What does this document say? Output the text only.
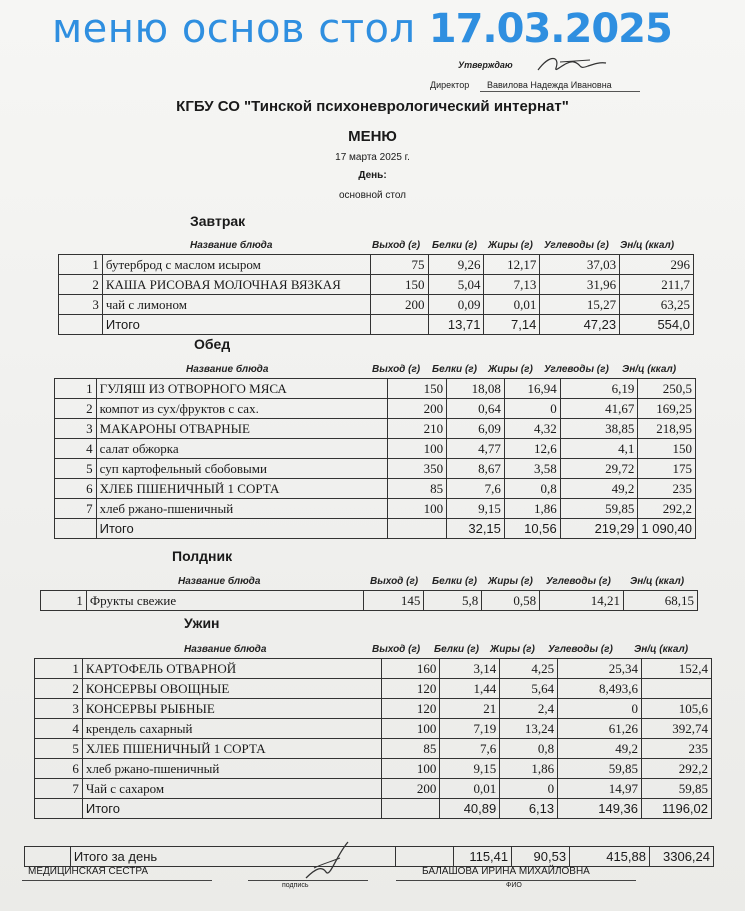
меню основ стол 17.03.2025
Утверждаю
Директор Вавилова Надежда Ивановна
КГБУ СО "Тинской психоневрологический интернат"
МЕНЮ
17 марта 2025 г.
День:
основной стол
Завтрак
Название блюда	Выход (г) Белки (г) Жиры (г) Углеводы (г) Эн/ц (ккал)
1	бутерброд с маслом исыром	75	9,26	12,17	37,03	296
2	КАША РИСОВАЯ МОЛОЧНАЯ ВЯЗКАЯ	150	5,04	7,13	31,96	211,7
3	чай с лимоном	200	0,09	0,01	15,27	63,25
	Итого		13,71	7,14	47,23	554,0
Обед
Название блюда	Выход (г) Белки (г) Жиры (г) Углеводы (г) Эн/ц (ккал)
1	ГУЛЯШ ИЗ ОТВОРНОГО МЯСА	150	18,08	16,94	6,19	250,5
2	компот из сух/фруктов с сах.	200	0,64	0	41,67	169,25
3	МАКАРОНЫ ОТВАРНЫЕ	210	6,09	4,32	38,85	218,95
4	салат обжорка	100	4,77	12,6	4,1	150
5	суп картофельный сбобовыми	350	8,67	3,58	29,72	175
6	ХЛЕБ ПШЕНИЧНЫЙ 1 СОРТА	85	7,6	0,8	49,2	235
7	хлеб ржано-пшеничный	100	9,15	1,86	59,85	292,2
	Итого		32,15	10,56	219,29	1 090,40
Полдник
Название блюда	Выход (г) Белки (г) Жиры (г) Углеводы (г) Эн/ц (ккал)
1	Фрукты свежие	145	5,8	0,58	14,21	68,15
Ужин
Название блюда	Выход (г) Белки (г) Жиры (г) Углеводы (г) Эн/ц (ккал)
1	КАРТОФЕЛЬ ОТВАРНОЙ	160	3,14	4,25	25,34	152,4
2	КОНСЕРВЫ ОВОЩНЫЕ	120	1,44	5,64	8,493,6	
3	КОНСЕРВЫ РЫБНЫЕ	120	21	2,4	0	105,6
4	крендель сахарный	100	7,19	13,24	61,26	392,74
5	ХЛЕБ ПШЕНИЧНЫЙ 1 СОРТА	85	7,6	0,8	49,2	235
6	хлеб ржано-пшеничный	100	9,15	1,86	59,85	292,2
7	Чай с сахаром	200	0,01	0	14,97	59,85
	Итого		40,89	6,13	149,36	1196,02
	Итого за день		115,41	90,53	415,88	3306,24
МЕДИЦИНСКАЯ СЕСТРА
подпись
БАЛАШОВА ИРИНА МИХАЙЛОВНА
ФИО
